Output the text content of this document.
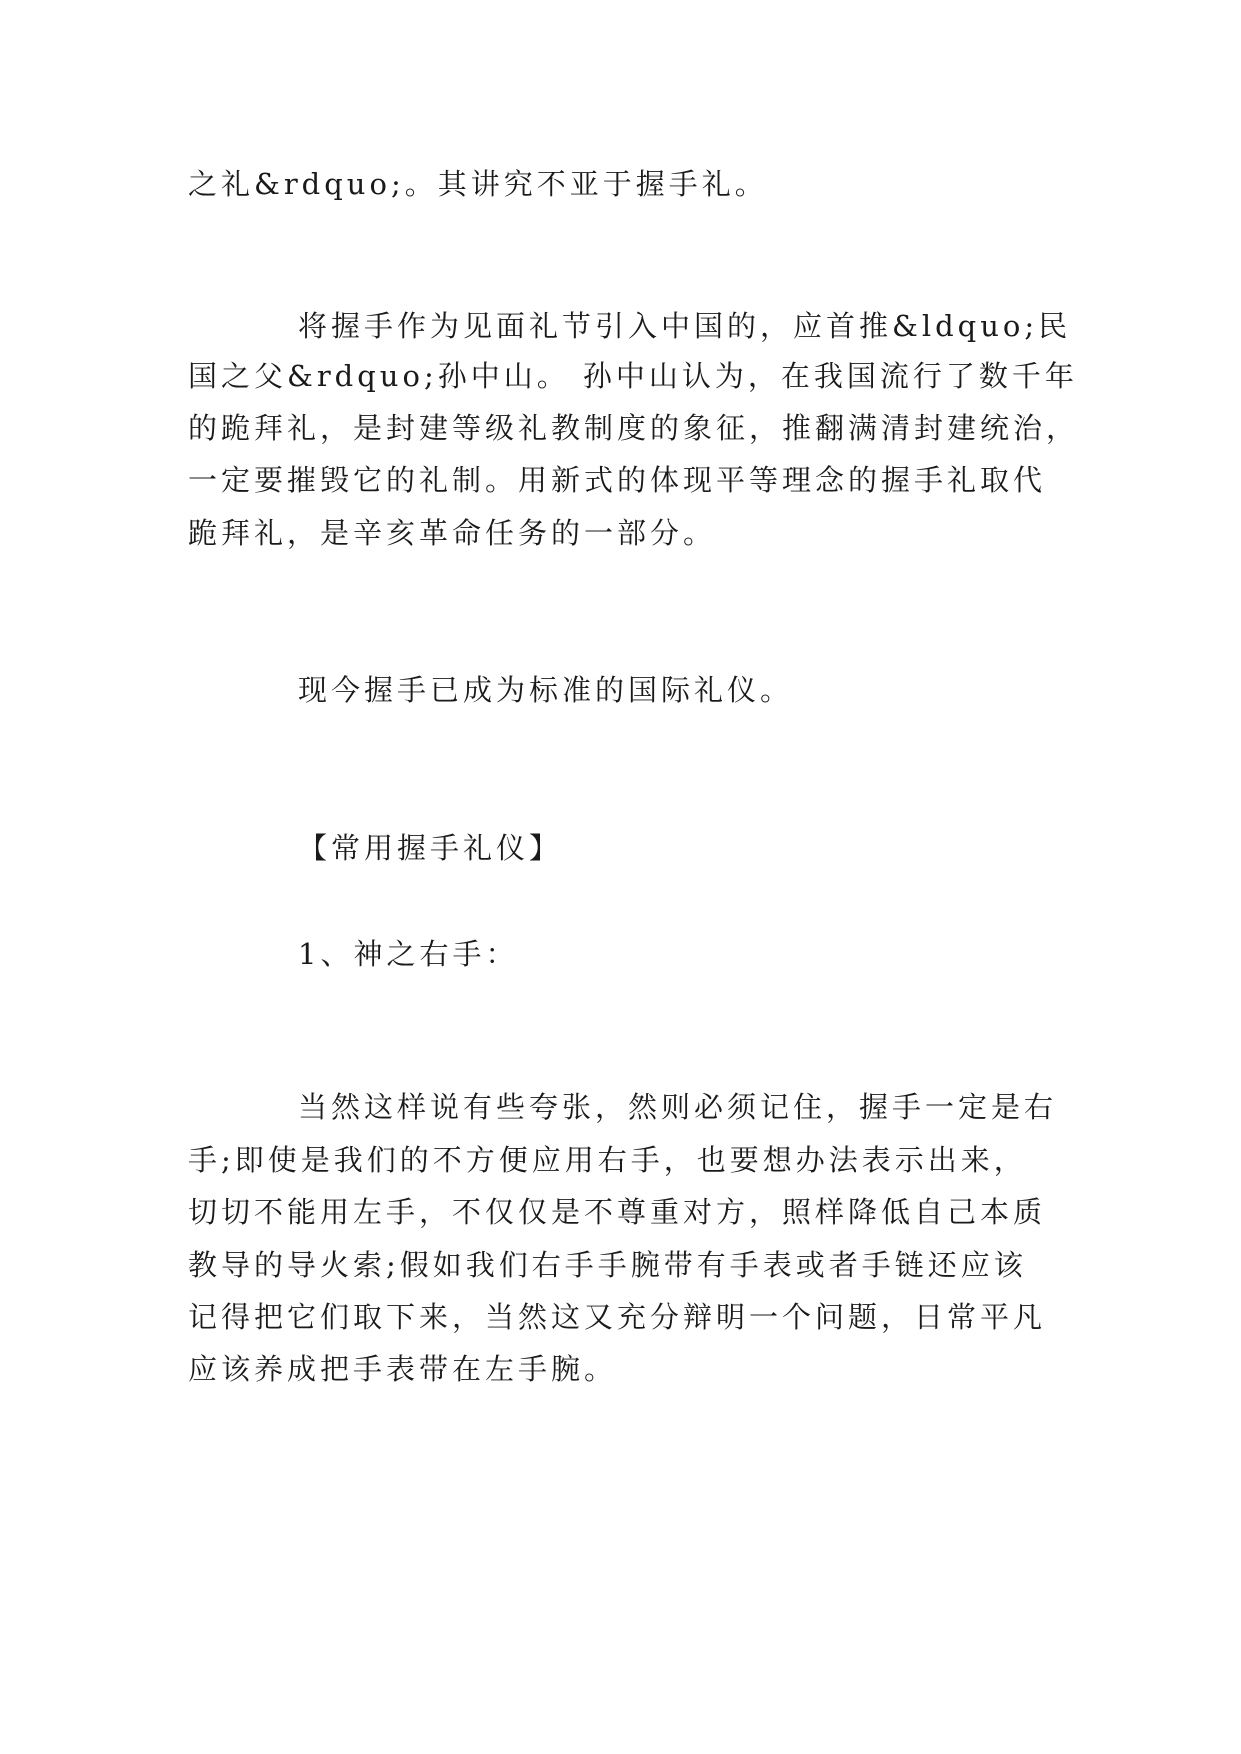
之礼&rdquo;。其讲究不亚于握手礼。

将握手作为见面礼节引入中国的，应首推&ldquo;民

国之父&rdquo;孙中山。 孙中山认为，在我国流行了数千年

的跪拜礼，是封建等级礼教制度的象征，推翻满清封建统治，

一定要摧毁它的礼制。用新式的体现平等理念的握手礼取代

跪拜礼，是辛亥革命任务的一部分。

现今握手已成为标准的国际礼仪。

【常用握手礼仪】

1、神之右手：

当然这样说有些夸张，然则必须记住，握手一定是右

手;即使是我们的不方便应用右手，也要想办法表示出来，

切切不能用左手，不仅仅是不尊重对方，照样降低自己本质

教导的导火索;假如我们右手手腕带有手表或者手链还应该

记得把它们取下来，当然这又充分辩明一个问题，日常平凡

应该养成把手表带在左手腕。
